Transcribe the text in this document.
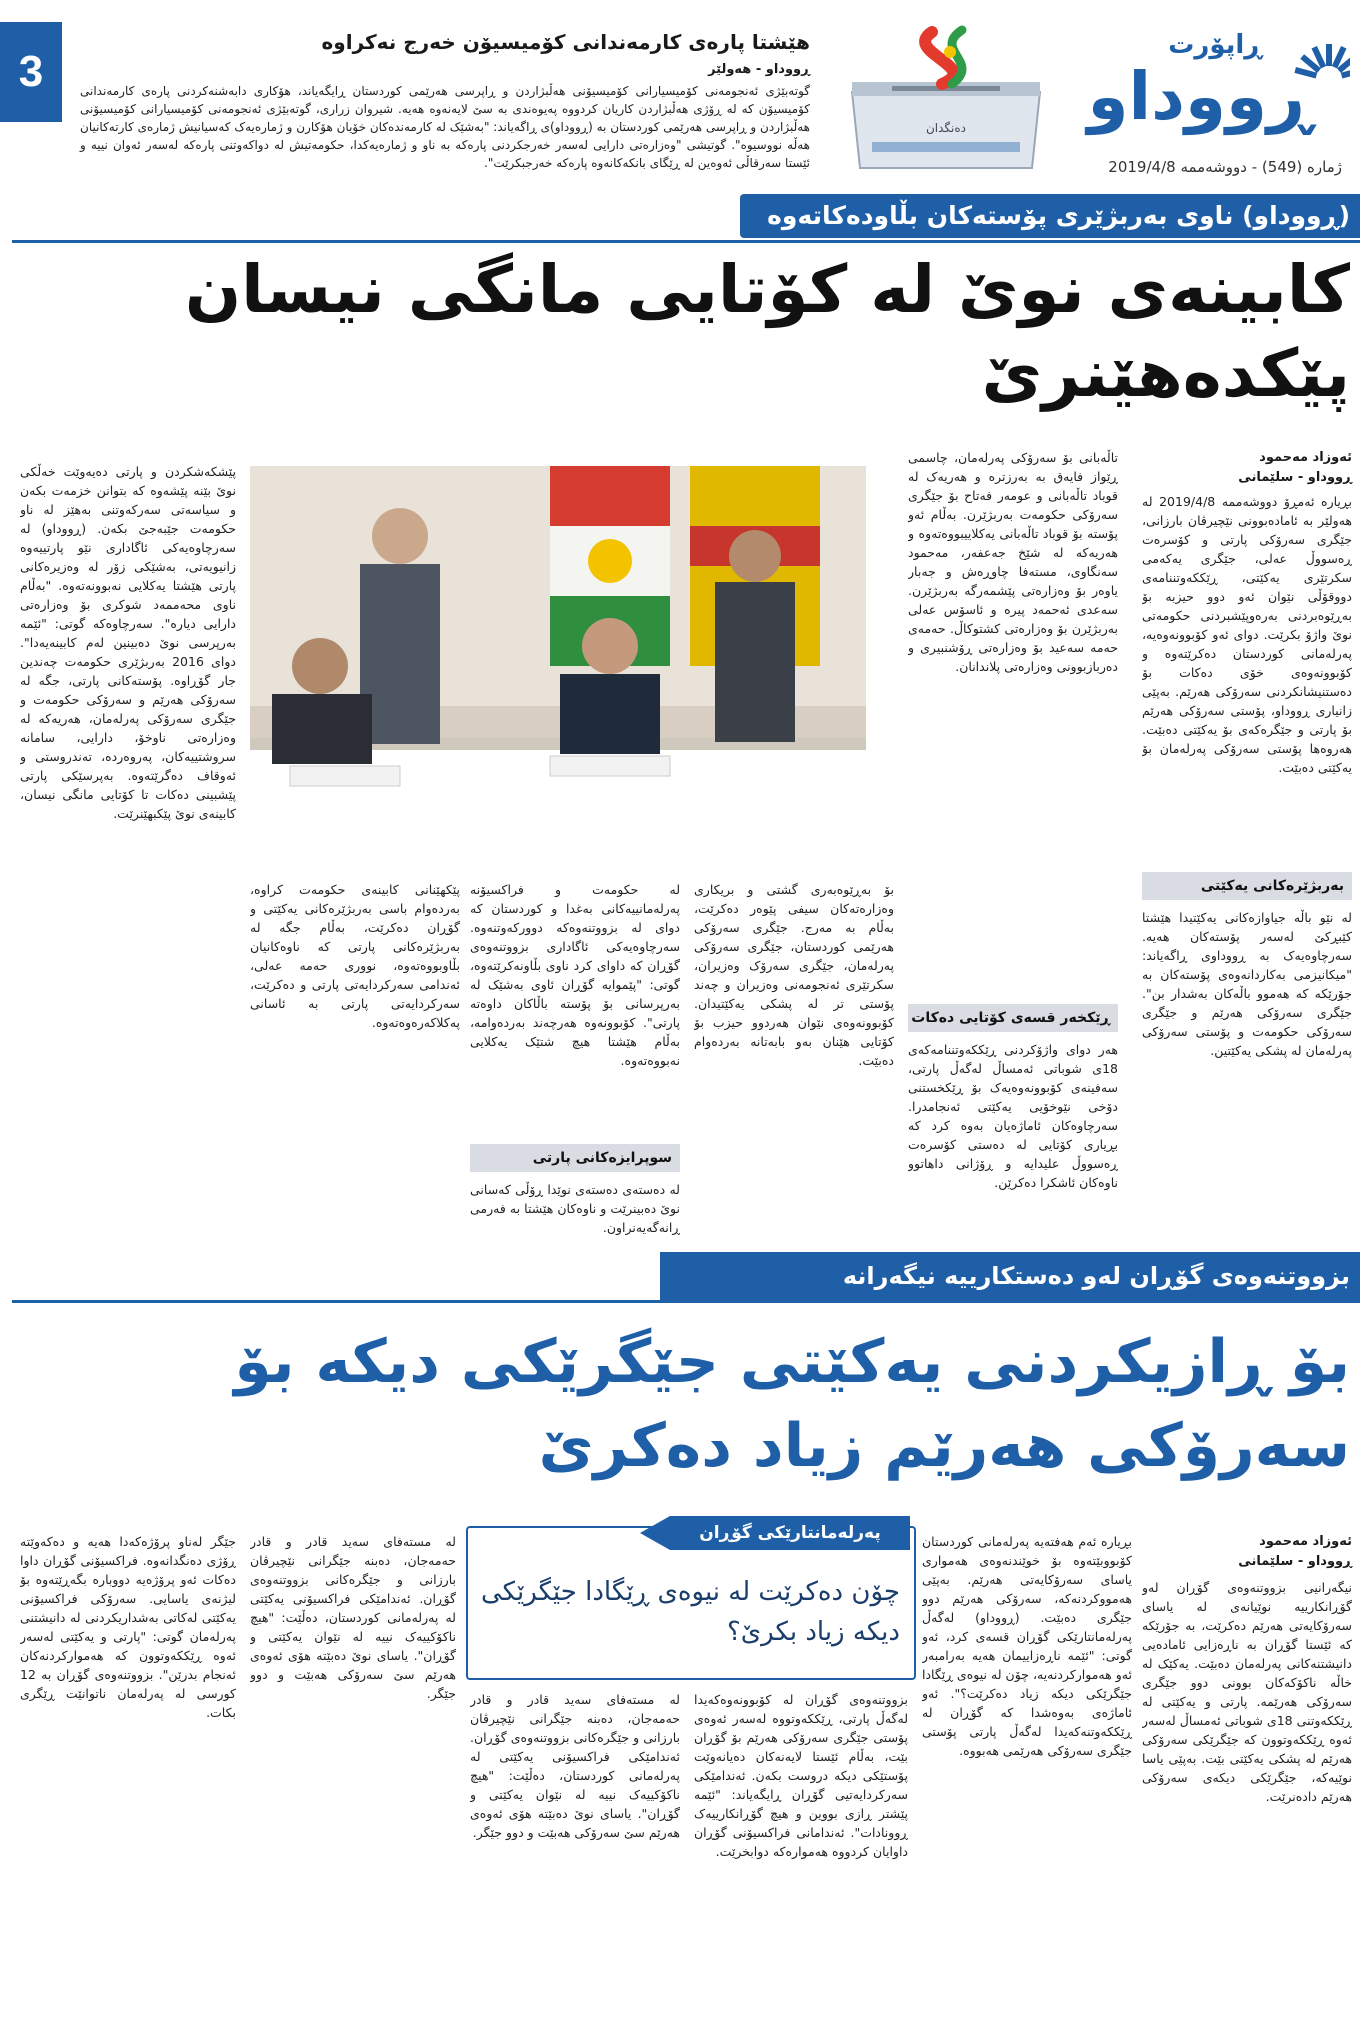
3	ڕووداو
ڕاپۆرت
ژمارە (549) - دووشەممە 2019/4/8
ده‌نگدان
هێشتا پارەی کارمەندانی کۆمیسیۆن خەرج نەکراوە
ڕووداو - هەولێر
گوتەبێژی ئەنجومەنی کۆمیسیارانی کۆمیسیۆنی هەڵبژاردن و ڕاپرسی هەرێمی کوردستان ڕایگەیاند، هۆکاری دابەشنەکردنی پارەی کارمەندانی کۆمیسیۆن کە لە ڕۆژی هەڵبژاردن کاریان کردووە پەیوەندی بە سێ لایەنەوە هەیە. شیروان زراری، گوتەبێژی ئەنجومەنی کۆمیسیارانی کۆمیسیۆنی هەڵبژاردن و ڕاپرسی هەرێمی کوردستان بە (ڕووداو)ی ڕاگەیاند: "بەشێک لە کارمەندەکان خۆیان هۆکارن و ژمارەیەک کەسیانیش ژمارەی کارتەکانیان هەڵە نووسیوە". گوتیشی "وەزارەتی دارایی لەسەر خەرجکردنی پارەکە بە ناو و ژمارەیەکدا، حکومەتیش لە دواکەوتنی پارەکە لەسەر ئەوان نییە و ئێستا سەرقاڵی ئەوەین لە ڕێگای بانکەکانەوە پارەکە خەرجبکرێت".
(ڕووداو) ناوی بەربژێری پۆستەکان بڵاودەکاتەوە
کابینەی نوێ لە کۆتایی مانگی نیسان پێکدەهێنرێ
ئەوزاد مەحمود
ڕووداو - سلێمانی

بڕیارە ئەمڕۆ دووشەممە 2019/4/8 لە هەولێر بە ئامادەبوونی نێچیرڤان بارزانی، جێگری سەرۆکی پارتی و کۆسرەت ڕەسووڵ عەلی، جێگری یەکەمی سکرتێری یەکێتی، ڕێککەوتننامەی دووقۆڵی نێوان ئەو دوو حیزبە بۆ بەڕێوەبردنی بەرەوپێشبردنی حکومەتی نوێ واژۆ بکرێت. دوای ئەو کۆبوونەوەیە، پەرلەمانی کوردستان دەکرێتەوە و کۆبوونەوەی خۆی دەکات بۆ دەستنیشانکردنی سەرۆکی هەرێم. بەپێی زانیاری ڕووداو، پۆستی سەرۆکی هەرێم بۆ پارتی و جێگرەکەی بۆ یەکێتی دەبێت. هەروەها پۆستی سەرۆکی پەرلەمان بۆ یەکێتی دەبێت.

بەربژێرەکانی یەکێتی

لە نێو باڵە جیاوازەکانی یەکێتیدا هێشتا کێبڕکێ لەسەر پۆستەکان هەیە. سەرچاوەیەک بە ڕووداوی ڕاگەیاند: "میکانیزمی بەکاردانەوەی پۆستەکان بە جۆرێکە کە هەموو باڵەکان بەشدار بن". جێگری سەرۆکی هەرێم و جێگری سەرۆکی حکومەت و پۆستی سەرۆکی پەرلەمان لە پشکی یەکێتین.

تاڵەبانی بۆ سەرۆکی پەرلەمان، چاسمی ڕێواز فایەق بە بەرزترە و هەریەک لە قوباد تاڵەبانی و عومەر فەتاح بۆ جێگری سەرۆکی حکومەت بەربژێرن. بەڵام ئەو پۆستە بۆ قوباد تاڵەبانی یەکلاییبووەتەوە و هەریەکە لە شێخ جەعفەر، مەحمود سەنگاوی، مستەفا چاوڕەش و جەبار یاوەر بۆ وەزارەتی پێشمەرگە بەربژێرن. سەعدی ئەحمەد پیرە و ئاسۆس عەلی بەربژێرن بۆ وەزارەتی کشتوکاڵ. حەمەی حەمە سەعید بۆ وەزارەتی ڕۆشنبیری و دەربازبوونی وەزارەتی پلاندانان.

ڕێکخەر قسەی کۆتایی دەکات

هەر دوای واژۆکردنی ڕێککەوتننامەکەی 18ی شوباتی ئەمساڵ لەگەڵ پارتی، سەفینەی کۆبوونەوەیەک بۆ ڕێکخستنی دۆخی نێوخۆیی یەکێتی ئەنجامدرا. سەرچاوەکان ئاماژەیان بەوە کرد کە بڕیاری کۆتایی لە دەستی کۆسرەت ڕەسووڵ علیدایە و ڕۆژانی داهاتوو ناوەکان ئاشکرا دەکرێن.

بۆ بەڕێوەبەری گشتی و بریکاری وەزارەتەکان سیفی پێوەر دەکرێت، بەڵام بە مەرج. جێگری سەرۆکی هەرێمی کوردستان، جێگری سەرۆکی پەرلەمان، جێگری سەرۆک وەزیران، سکرتێری ئەنجومەنی وەزیران و چەند پۆستی تر لە پشکی یەکێتیدان. کۆبوونەوەی نێوان هەردوو حیزب بۆ کۆتایی هێنان بەو بابەتانە بەردەوام دەبێت.

لە حکومەت و فراکسیۆنە پەرلەمانییەکانی بەغدا و کوردستان کە دوای لە بزووتنەوەکە دوورکەوتنەوە. سەرچاوەیەکی ئاگاداری بزووتنەوەی گۆڕان کە داوای کرد ناوی بڵاونەکرێتەوە، گوتی: "پێموایە گۆڕان ئاوی بەشێک لە بەرپرسانی بۆ پۆستە باڵاکان داوەتە پارتی". کۆبوونەوە هەرچەند بەردەوامە، بەڵام هێشتا هیچ شتێک یەکلایی نەبووەتەوە.

سوپرایزەکانی پارتی

لە دەستەی دەستەی نوێدا ڕۆڵی کەسانی نوێ دەبینرێت و ناوەکان هێشتا بە فەرمی ڕانەگەیەنراون.

پێکهێنانی کابینەی حکومەت کراوە، بەردەوام باسی بەربژێرەکانی یەکێتی و گۆڕان دەکرێت، بەڵام جگە لە بەربژێرەکانی پارتی کە ناوەکانیان بڵاوبووەتەوە، نووری حەمە عەلی، ئەندامی سەرکردایەتی پارتی و دەکرێت، سەرکردایەتی پارتی بە ئاسانی پەکلاکەرەوەتەوە.

پێشکەشکردن و پارتی دەیەوێت خەڵکی نوێ بێنە پێشەوە کە بتوانن خزمەت بکەن و سیاسەتی سەرکەوتنی بەهێز لە ناو حکومەت جێبەجێ بکەن. (ڕووداو) لە سەرچاوەیەکی ئاگاداری نێو پارتییەوە زانیویەتی، بەشێکی زۆر لە وەزیرەکانی پارتی هێشتا یەکلایی نەبوونەتەوە. "بەڵام ناوی محەممەد شوکری بۆ وەزارەتی دارایی دیارە". سەرچاوەکە گوتی: "ئێمە بەرپرسی نوێ دەبینین لەم کابینەیەدا". دوای 2016 بەربژێری حکومەت چەندین جار گۆڕاوە. پۆستەکانی پارتی، جگە لە سەرۆکی هەرێم و سەرۆکی حکومەت و جێگری سەرۆکی پەرلەمان، هەریەکە لە وەزارەتی ناوخۆ، دارایی، سامانە سروشتییەکان، پەروەردە، تەندروستی و ئەوقاف دەگرێتەوە. بەپرسێکی پارتی پێشبینی دەکات تا کۆتایی مانگی نیسان، کابینەی نوێ پێکبهێنرێت.

بزووتنەوەی گۆڕان لەو دەستکارییە نیگەرانە
بۆ ڕازیکردنی یەکێتی جێگرێکی دیکە بۆ سەرۆکی هەرێم زیاد دەکرێ
ئەوزاد مەحمود
ڕووداو - سلێمانی

نیگەرانیی بزووتنەوەی گۆڕان لەو گۆڕانکارییە نوێیانەی لە یاسای سەرۆکایەتی هەرێم دەکرێت، بە جۆرێکە کە ئێستا گۆڕان بە ناڕەزایی ئامادەیی دانیشتنەکانی پەرلەمان دەبێت. یەکێک لە خاڵە ناکۆکەکان بوونی دوو جێگری سەرۆکی هەرێمە. پارتی و یەکێتی لە ڕێککەوتنی 18ی شوباتی ئەمساڵ لەسەر ئەوە ڕێککەوتوون کە جێگرێکی سەرۆکی هەرێم لە پشکی یەکێتی بێت. بەپێی یاسا نوێیەکە، جێگرێکی دیکەی سەرۆکی هەرێم دادەنرێت.

بڕیارە ئەم هەفتەیە پەرلەمانی کوردستان کۆبووبێتەوە بۆ خوێندنەوەی هەمواری یاسای سەرۆکایەتی هەرێم. بەپێی هەمووکردنەکە، سەرۆکی هەرێم دوو جێگری دەبێت. (ڕووداو) لەگەڵ پەرلەمانتارێکی گۆڕان قسەی کرد، ئەو گوتی: "ئێمە ناڕەزاییمان هەیە بەرامبەر ئەو هەموارکردنەیە، چۆن لە نیوەی ڕێگادا جێگرێکی دیکە زیاد دەکرێت؟". ئەو ئاماژەی بەوەشدا کە گۆڕان لە ڕێککەوتنەکەیدا لەگەڵ پارتی پۆستی جێگری سەرۆکی هەرێمی هەبووە.

پەرلەمانتارێکی گۆڕان
چۆن دەکرێت لە نیوەی ڕێگادا جێگرێکی دیکە زیاد بکرێ؟

بزووتنەوەی گۆڕان لە کۆبوونەوەکەیدا لەگەڵ پارتی، ڕێککەوتووە لەسەر ئەوەی پۆستی جێگری سەرۆکی هەرێم بۆ گۆڕان بێت، بەڵام ئێستا لایەنەکان دەیانەوێت پۆستێکی دیکە دروست بکەن. ئەندامێکی سەرکردایەتیی گۆڕان ڕایگەیاند: "ئێمە پێشتر ڕازی بووین و هیچ گۆڕانکارییەک ڕوونادات". ئەندامانی فراکسیۆنی گۆڕان داوایان کردووە هەموارەکە دوابخرێت.

لە مستەفای سەید قادر و قادر حەمەجان، دەبنە جێگرانی نێچیرڤان بارزانی و جێگرەکانی بزووتنەوەی گۆڕان. ئەندامێکی فراکسیۆنی یەکێتی لە پەرلەمانی کوردستان، دەڵێت: "هیچ ناکۆکییەک نییە لە نێوان یەکێتی و گۆڕان". یاسای نوێ دەبێتە هۆی ئەوەی هەرێم سێ سەرۆکی هەبێت و دوو جێگر.

لە مستەفای سەید قادر و قادر حەمەجان، دەبنە جێگرانی نێچیرڤان بارزانی و جێگرەکانی بزووتنەوەی گۆڕان. ئەندامێکی فراکسیۆنی یەکێتی لە پەرلەمانی کوردستان، دەڵێت: "هیچ ناکۆکییەک نییە لە نێوان یەکێتی و گۆڕان". یاسای نوێ دەبێتە هۆی ئەوەی هەرێم سێ سەرۆکی هەبێت و دوو جێگر.

جێگر لەناو پرۆژەکەدا هەیە و دەکەوێتە ڕۆژی دەنگدانەوە. فراکسیۆنی گۆڕان داوا دەکات ئەو پرۆژەیە دووبارە بگەڕێتەوە بۆ لیژنەی یاسایی. سەرۆکی فراکسیۆنی یەکێتی لەکاتی بەشداریکردنی لە دانیشتنی پەرلەمان گوتی: "پارتی و یەکێتی لەسەر ئەوە ڕێککەوتوون کە هەموارکردنەکان ئەنجام بدرێن". بزووتنەوەی گۆڕان بە 12 کورسی لە پەرلەمان ناتوانێت ڕێگری بکات.
